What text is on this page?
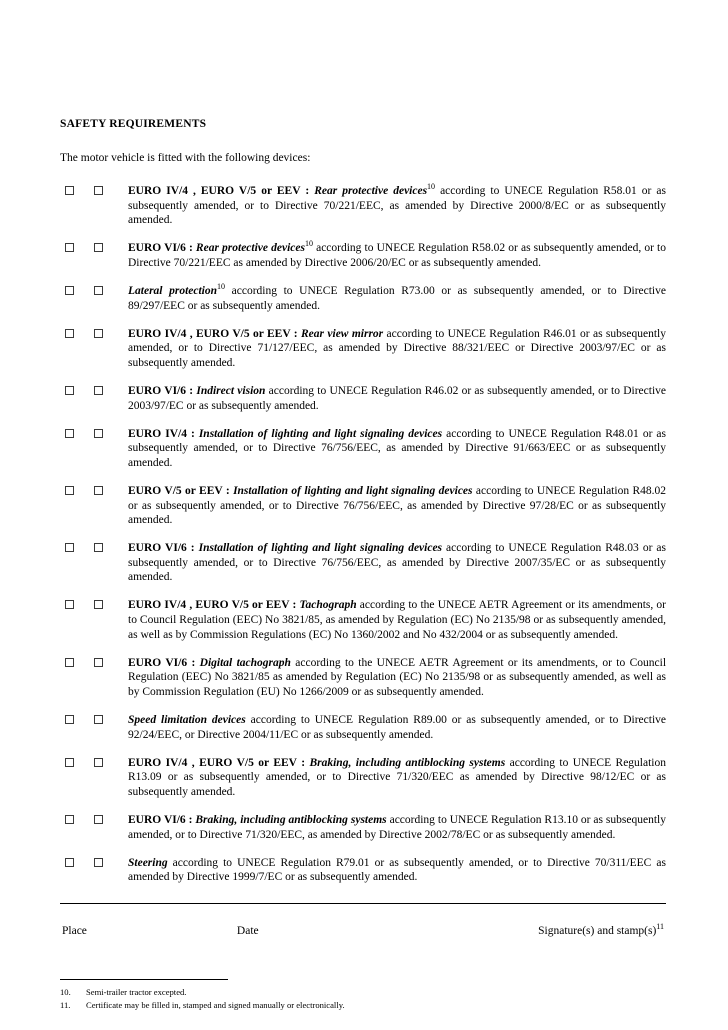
SAFETY REQUIREMENTS
The motor vehicle is fitted with the following devices:
EURO IV/4 , EURO V/5 or EEV : Rear protective devices$^{10}$ according to UNECE Regulation R58.01 or as subsequently amended, or to Directive 70/221/EEC, as amended by Directive 2000/8/EC or as subsequently amended.
EURO VI/6 : Rear protective devices$^{10}$ according to UNECE Regulation R58.02 or as subsequently amended, or to Directive 70/221/EEC as amended by Directive 2006/20/EC or as subsequently amended.
Lateral protection$^{10}$ according to UNECE Regulation R73.00 or as subsequently amended, or to Directive 89/297/EEC or as subsequently amended.
EURO IV/4 , EURO V/5 or EEV : Rear view mirror according to UNECE Regulation R46.01 or as subsequently amended, or to Directive 71/127/EEC, as amended by Directive 88/321/EEC or Directive 2003/97/EC or as subsequently amended.
EURO VI/6 : Indirect vision according to UNECE Regulation R46.02 or as subsequently amended, or to Directive 2003/97/EC or as subsequently amended.
EURO IV/4 : Installation of lighting and light signaling devices according to UNECE Regulation R48.01 or as subsequently amended, or to Directive 76/756/EEC, as amended by Directive 91/663/EEC or as subsequently amended.
EURO V/5 or EEV : Installation of lighting and light signaling devices according to UNECE Regulation R48.02 or as subsequently amended, or to Directive 76/756/EEC, as amended by Directive 97/28/EC or as subsequently amended.
EURO VI/6 : Installation of lighting and light signaling devices according to UNECE Regulation R48.03 or as subsequently amended, or to Directive 76/756/EEC, as amended by Directive 2007/35/EC or as subsequently amended.
EURO IV/4 , EURO V/5 or EEV : Tachograph according to the UNECE AETR Agreement or its amendments, or to Council Regulation (EEC) No 3821/85, as amended by Regulation (EC) No 2135/98 or as subsequently amended, as well as by Commission Regulations (EC) No 1360/2002 and No 432/2004 or as subsequently amended.
EURO VI/6 : Digital tachograph according to the UNECE AETR Agreement or its amendments, or to Council Regulation (EEC) No 3821/85 as amended by Regulation (EC) No 2135/98 or as subsequently amended, as well as by Commission Regulation (EU) No 1266/2009 or as subsequently amended.
Speed limitation devices according to UNECE Regulation R89.00 or as subsequently amended, or to Directive 92/24/EEC, or Directive 2004/11/EC or as subsequently amended.
EURO IV/4 , EURO V/5 or EEV : Braking, including antiblocking systems according to UNECE Regulation R13.09 or as subsequently amended, or to Directive 71/320/EEC as amended by Directive 98/12/EC or as subsequently amended.
EURO VI/6 : Braking, including antiblocking systems according to UNECE Regulation R13.10 or as subsequently amended, or to Directive 71/320/EEC, as amended by Directive 2002/78/EC or as subsequently amended.
Steering according to UNECE Regulation R79.01 or as subsequently amended, or to Directive 70/311/EEC as amended by Directive 1999/7/EC or as subsequently amended.
Place	Date	Signature(s) and $stamp(s)^{11}$
10.	Semi-trailer tractor excepted.
11.	Certificate may be filled in, stamped and signed manually or electronically.
